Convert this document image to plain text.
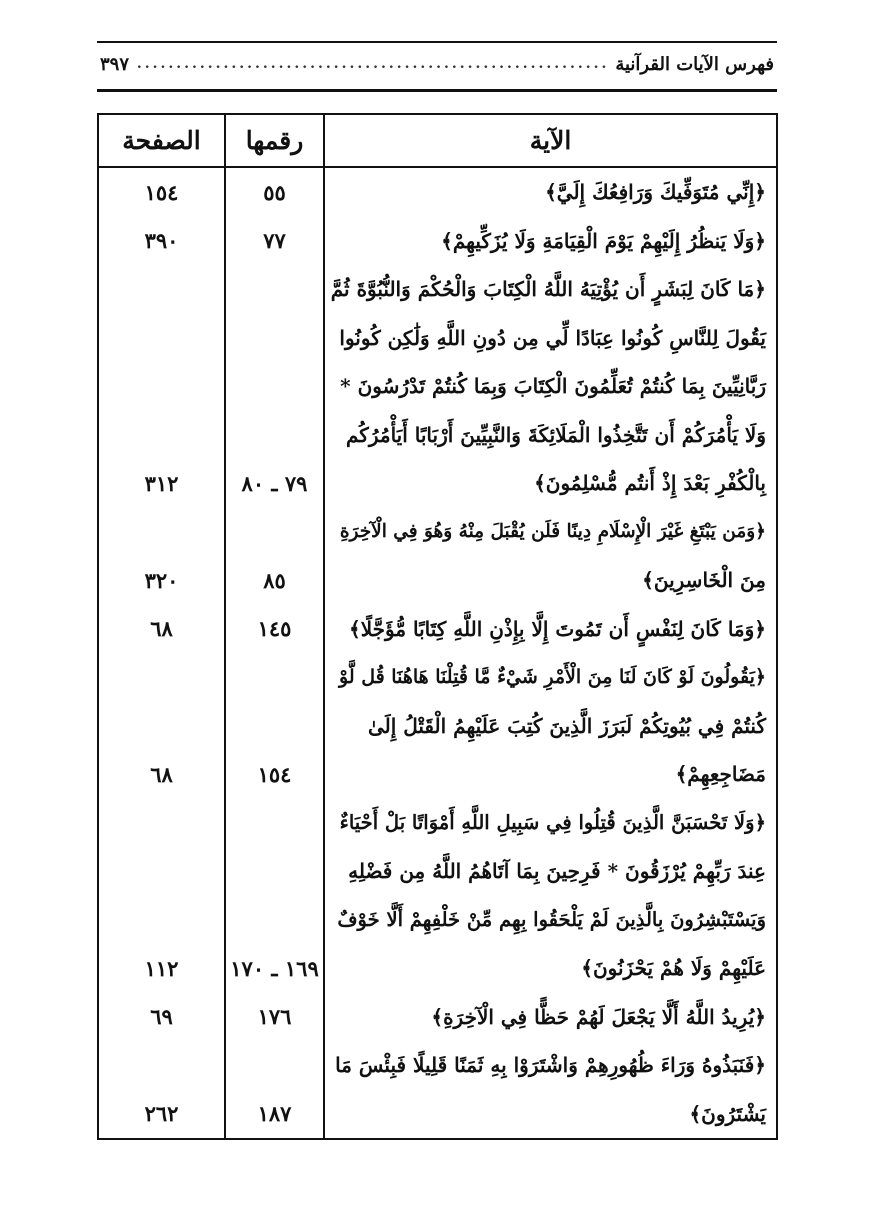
فهرس الآيات القرآنية
.....
٣٩٧
الآية	رقمها	الصفحة
﴿إِنِّي مُتَوَفِّيكَ وَرَافِعُكَ إِلَيَّ﴾	٥٥	١٥٤
﴿وَلَا يَنظُرُ إِلَيْهِمْ يَوْمَ الْقِيَامَةِ وَلَا يُزَكِّيهِمْ﴾	٧٧	٣٩٠
﴿مَا كَانَ لِبَشَرٍ أَن يُؤْتِيَهُ اللَّهُ الْكِتَابَ وَالْحُكْمَ وَالنُّبُوَّةَ ثُمَّ		
يَقُولَ لِلنَّاسِ كُونُوا عِبَادًا لِّي مِن دُونِ اللَّهِ وَلَٰكِن كُونُوا		
رَبَّانِيِّينَ بِمَا كُنتُمْ تُعَلِّمُونَ الْكِتَابَ وَبِمَا كُنتُمْ تَدْرُسُونَ *		
وَلَا يَأْمُرَكُمْ أَن تَتَّخِذُوا الْمَلَائِكَةَ وَالنَّبِيِّينَ أَرْبَابًا أَيَأْمُرُكُم		
بِالْكُفْرِ بَعْدَ إِذْ أَنتُم مُّسْلِمُونَ﴾	٧٩ ـ ٨٠	٣١٢
﴿وَمَن يَبْتَغِ غَيْرَ الْإِسْلَامِ دِينًا فَلَن يُقْبَلَ مِنْهُ وَهُوَ فِي الْآخِرَةِ		
مِنَ الْخَاسِرِينَ﴾	٨٥	٣٢٠
﴿وَمَا كَانَ لِنَفْسٍ أَن تَمُوتَ إِلَّا بِإِذْنِ اللَّهِ كِتَابًا مُّؤَجَّلًا﴾	١٤٥	٦٨
﴿يَقُولُونَ لَوْ كَانَ لَنَا مِنَ الْأَمْرِ شَيْءٌ مَّا قُتِلْنَا هَاهُنَا قُل لَّوْ		
كُنتُمْ فِي بُيُوتِكُمْ لَبَرَزَ الَّذِينَ كُتِبَ عَلَيْهِمُ الْقَتْلُ إِلَىٰ		
مَضَاجِعِهِمْ﴾	١٥٤	٦٨
﴿وَلَا تَحْسَبَنَّ الَّذِينَ قُتِلُوا فِي سَبِيلِ اللَّهِ أَمْوَاتًا بَلْ أَحْيَاءٌ		
عِندَ رَبِّهِمْ يُرْزَقُونَ * فَرِحِينَ بِمَا آتَاهُمُ اللَّهُ مِن فَضْلِهِ		
وَيَسْتَبْشِرُونَ بِالَّذِينَ لَمْ يَلْحَقُوا بِهِم مِّنْ خَلْفِهِمْ أَلَّا خَوْفٌ		
عَلَيْهِمْ وَلَا هُمْ يَحْزَنُونَ﴾	١٦٩ ـ ١٧٠	١١٢
﴿يُرِيدُ اللَّهُ أَلَّا يَجْعَلَ لَهُمْ حَظًّا فِي الْآخِرَةِ﴾	١٧٦	٦٩
﴿فَنَبَذُوهُ وَرَاءَ ظُهُورِهِمْ وَاشْتَرَوْا بِهِ ثَمَنًا قَلِيلًا فَبِئْسَ مَا		
يَشْتَرُونَ﴾	١٨٧	٢٦٢
